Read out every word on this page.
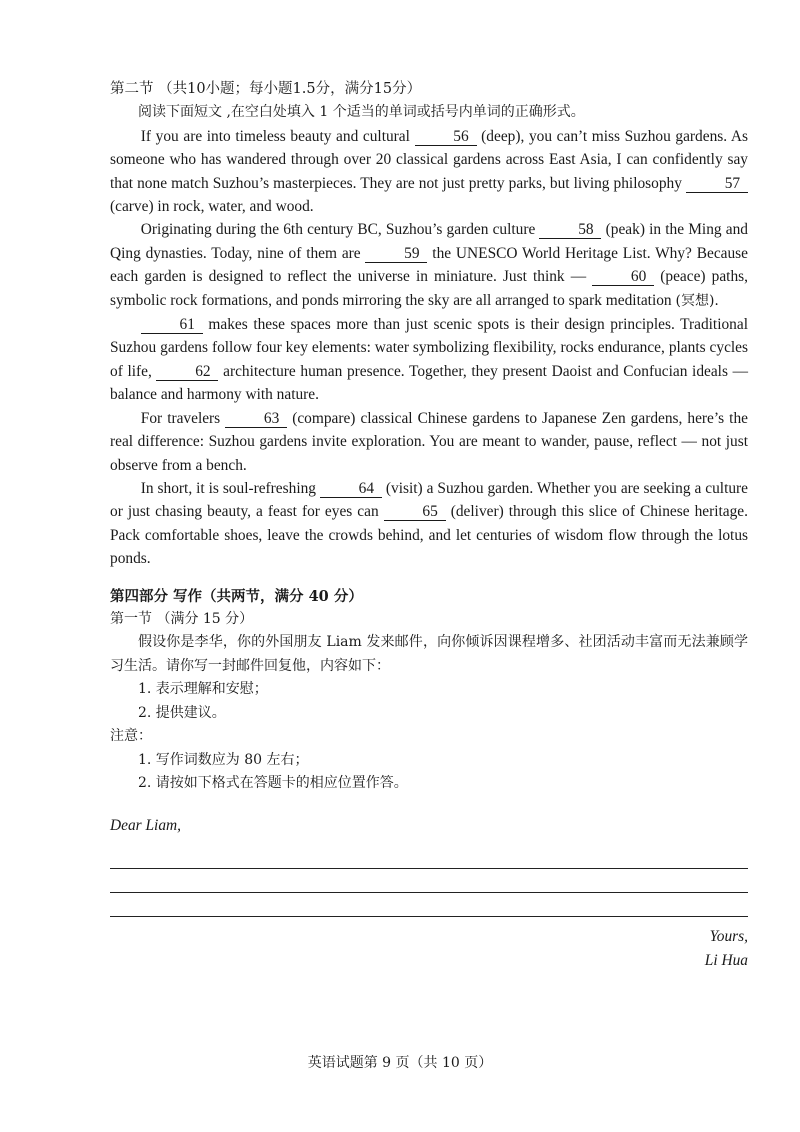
第二节 （共10小题；每小题1.5分，满分15分）

阅读下面短文 ,在空白处填入 1 个适当的单词或括号内单词的正确形式。

If you are into timeless beauty and cultural	56 (deep), you can’t miss Suzhou gardens. As someone who has wandered through over 20 classical gardens across East Asia, I can confidently say that none match Suzhou’s masterpieces. They are not just pretty parks, but living philosophy	57 (carve) in rock, water, and wood.

Originating during the 6th century BC, Suzhou’s garden culture	58 (peak) in the Ming and Qing dynasties. Today, nine of them are	59 the UNESCO World Heritage List. Why? Because each garden is designed to reflect the universe in miniature. Just think —	60 (peace) paths, symbolic rock formations, and ponds mirroring the sky are all arranged to spark meditation (冥想).

61 makes these spaces more than just scenic spots is their design principles. Traditional Suzhou gardens follow four key elements: water symbolizing flexibility, rocks endurance, plants cycles of life,	62 architecture human presence. Together, they present Daoist and Confucian ideals — balance and harmony with nature.

For travelers	63 (compare) classical Chinese gardens to Japanese Zen gardens, here’s the real difference: Suzhou gardens invite exploration. You are meant to wander, pause, reflect — not just observe from a bench.

In short, it is soul-refreshing	64 (visit) a Suzhou garden. Whether you are seeking a culture or just chasing beauty, a feast for eyes can	65 (deliver) through this slice of Chinese heritage. Pack comfortable shoes, leave the crowds behind, and let centuries of wisdom flow through the lotus ponds.

第四部分 写作（共两节，满分 40 分）

第一节 （满分 15 分）

假设你是李华，你的外国朋友 Liam 发来邮件，向你倾诉因课程增多、社团活动丰富而无法兼顾学习生活。请你写一封邮件回复他，内容如下：

1. 表示理解和安慰；

2. 提供建议。

注意：

1. 写作词数应为 80 左右；

2. 请按如下格式在答题卡的相应位置作答。

Dear Liam,

Yours,
Li Hua

英语试题第 9 页（共 10 页）
